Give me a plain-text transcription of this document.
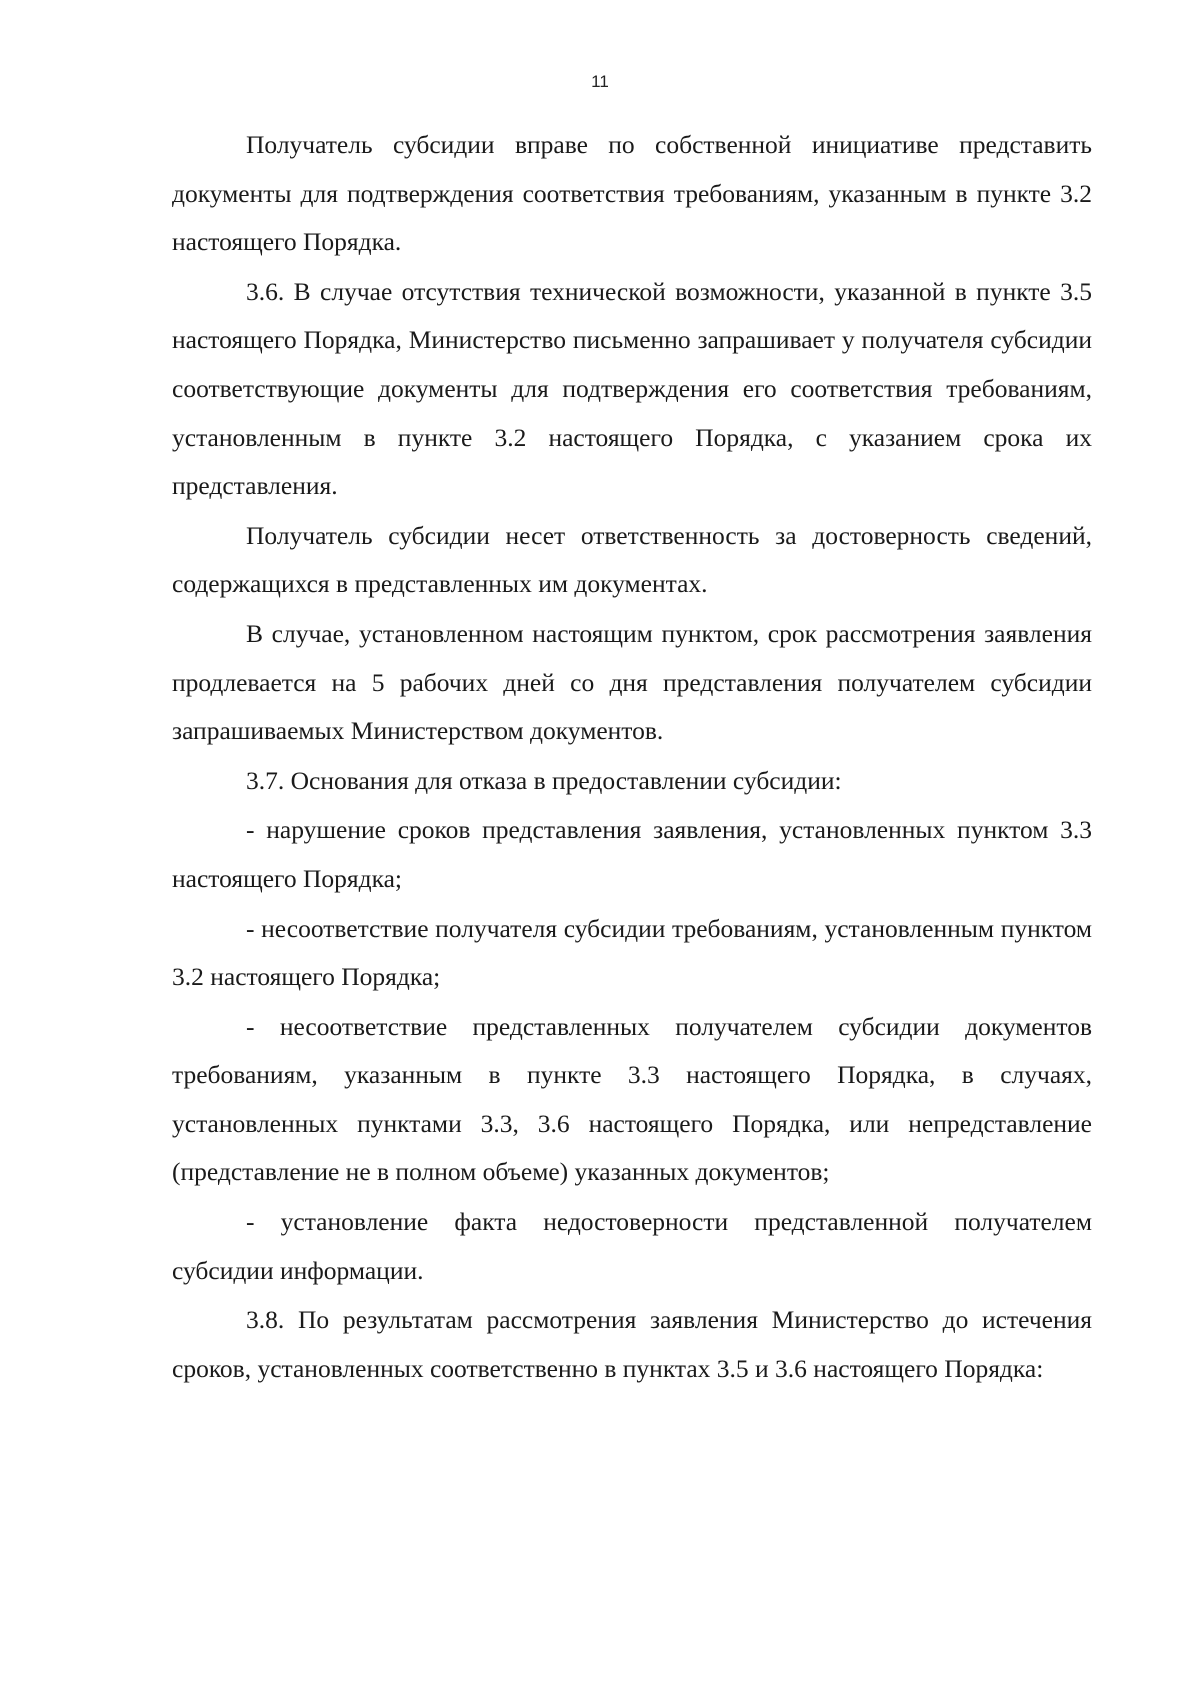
11

Получатель субсидии вправе по собственной инициативе представить документы для подтверждения соответствия требованиям, указанным в пункте 3.2 настоящего Порядка.

3.6. В случае отсутствия технической возможности, указанной в пункте 3.5 настоящего Порядка, Министерство письменно запрашивает у получателя субсидии соответствующие документы для подтверждения его соответствия требованиям, установленным в пункте 3.2 настоящего Порядка, с указанием срока их представления.

Получатель субсидии несет ответственность за достоверность сведений, содержащихся в представленных им документах.

В случае, установленном настоящим пунктом, срок рассмотрения заявления продлевается на 5 рабочих дней со дня представления получателем субсидии запрашиваемых Министерством документов.

3.7. Основания для отказа в предоставлении субсидии:

- нарушение сроков представления заявления, установленных пунктом 3.3 настоящего Порядка;

- несоответствие получателя субсидии требованиям, установленным пунктом 3.2 настоящего Порядка;

- несоответствие представленных получателем субсидии документов требованиям, указанным в пункте 3.3 настоящего Порядка, в случаях, установленных пунктами 3.3, 3.6 настоящего Порядка, или непредставление (представление не в полном объеме) указанных документов;

- установление факта недостоверности представленной получателем субсидии информации.

3.8. По результатам рассмотрения заявления Министерство до истечения сроков, установленных соответственно в пунктах 3.5 и 3.6 настоящего Порядка:
